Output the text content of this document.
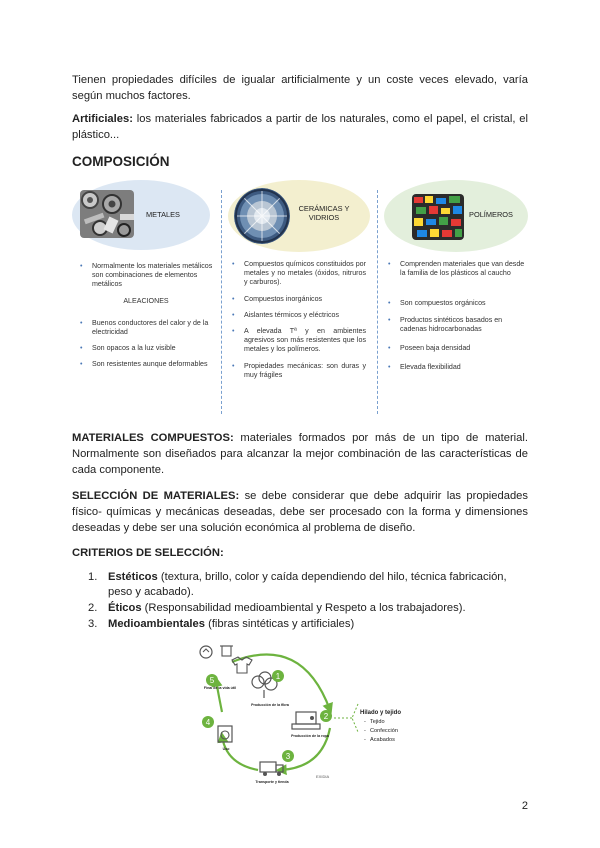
Tienen propiedades difíciles de igualar artificialmente y un coste veces elevado, varía según muchos factores.

Artificiales: los materiales fabricados a partir de los naturales, como el papel, el cristal, el plástico...

COMPOSICIÓN
METALES
• Normalmente los materiales metálicos son combinaciones de elementos metálicos
ALEACIONES
• Buenos conductores del calor y de la electricidad
• Son opacos a la luz visible
• Son resistentes aunque deformables
CERÁMICAS Y VIDRIOS
• Compuestos químicos constituidos por metales y no metales (óxidos, nitruros y carburos).
• Compuestos inorgánicos
• Aislantes térmicos y eléctricos
• A elevada Tª y en ambientes agresivos son más resistentes que los metales y los polímeros.
• Propiedades mecánicas: son duras y muy frágiles
POLÍMEROS
• Comprenden materiales que van desde la familia de los plásticos al caucho
• Son compuestos orgánicos
• Productos sintéticos basados en cadenas hidrocarbonadas
• Poseen baja densidad
• Elevada flexibilidad

MATERIALES COMPUESTOS: materiales formados por más de un tipo de material. Normalmente son diseñados para alcanzar la mejor combinación de las características de cada componente.

SELECCIÓN DE MATERIALES: se debe considerar que debe adquirir las propiedades físico- químicas y mecánicas deseadas, debe ser procesado con la forma y dimensiones deseadas y debe ser una solución económica al problema de diseño.

CRITERIOS DE SELECCIÓN:

1. Estéticos (textura, brillo, color y caída dependiendo del hilo, técnica fabricación, peso y acabado).
2. Éticos (Responsabilidad medioambiental y Respeto a los trabajadores).
3. Medioambientales (fibras sintéticas y artificiales)
5
Final de la vida útil
1
Producción de la fibra
2
Producción de la ropa
3
Transporte y tienda
4
Uso
Hilado y tejido
- Tejido
- Confección
- Acabados
EXIDIA
2
